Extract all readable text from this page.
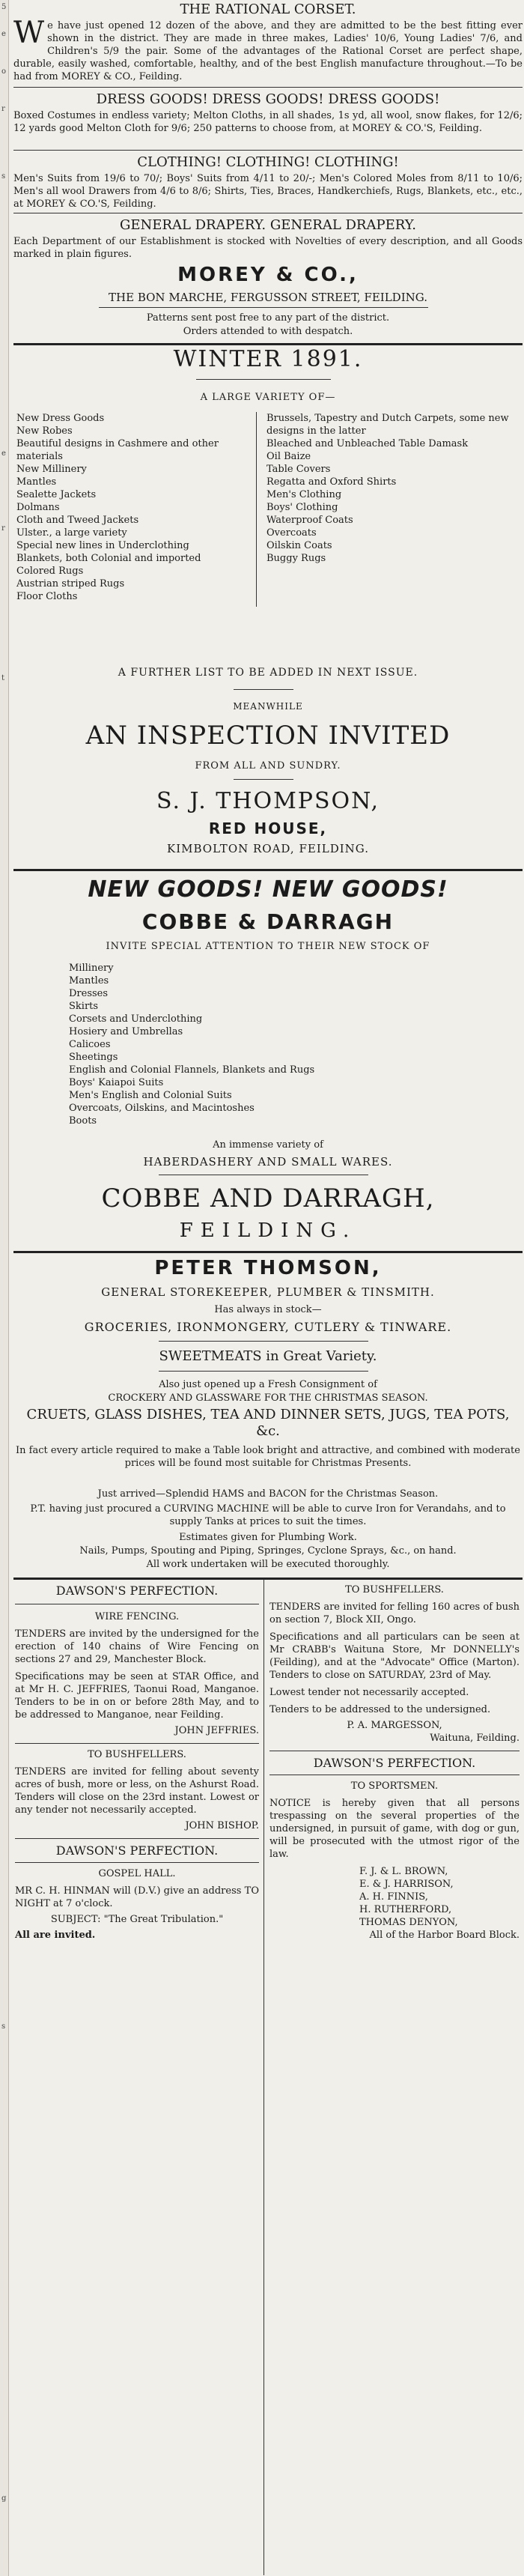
5
e
o
r
s
e
r
t
s
g
THE RATIONAL CORSET.
We have just opened 12 dozen of the above, and they are admitted to be the best fitting ever shown in the district. They are made in three makes, Ladies' 10/6, Young Ladies' 7/6, and Children's 5/9 the pair. Some of the advantages of the Rational Corset are perfect shape, durable, easily washed, comfortable, healthy, and of the best English manufacture throughout.—To be had from MOREY & CO., Feilding.
DRESS GOODS! DRESS GOODS! DRESS GOODS!
Boxed Costumes in endless variety; Melton Cloths, in all shades, 1s yd, all wool, snow flakes, for 12/6; 12 yards good Melton Cloth for 9/6; 250 patterns to choose from, at MOREY & CO.'S, Feilding.
CLOTHING! CLOTHING! CLOTHING!
Men's Suits from 19/6 to 70/; Boys' Suits from 4/11 to 20/-; Men's Colored Moles from 8/11 to 10/6; Men's all wool Drawers from 4/6 to 8/6; Shirts, Ties, Braces, Handkerchiefs, Rugs, Blankets, etc., etc., at MOREY & CO.'S, Feilding.
GENERAL DRAPERY. GENERAL DRAPERY.
Each Department of our Establishment is stocked with Novelties of every description, and all Goods marked in plain figures.
MOREY & CO.,
THE BON MARCHE, FERGUSSON STREET, FEILDING.
Patterns sent post free to any part of the district.
Orders attended to with despatch.
WINTER 1891.
A LARGE VARIETY OF—
New Dress Goods
New Robes
Beautiful designs in Cashmere and other materials
New Millinery
Mantles
Sealette Jackets
Dolmans
Cloth and Tweed Jackets
Ulster., a large variety
Special new lines in Underclothing
Blankets, both Colonial and imported
Colored Rugs
Austrian striped Rugs
Floor Cloths
Brussels, Tapestry and Dutch Carpets, some new designs in the latter
Bleached and Unbleached Table Damask
Oil Baize
Table Covers
Regatta and Oxford Shirts
Men's Clothing
Boys' Clothing
Waterproof Coats
Overcoats
Oilskin Coats
Buggy Rugs
A FURTHER LIST TO BE ADDED IN NEXT ISSUE.
MEANWHILE
AN INSPECTION INVITED
FROM ALL AND SUNDRY.
S. J. THOMPSON,
RED HOUSE,
KIMBOLTON ROAD, FEILDING.
NEW GOODS! NEW GOODS!
COBBE & DARRAGH
INVITE SPECIAL ATTENTION TO THEIR NEW STOCK OF
Millinery
Mantles
Dresses
Skirts
Corsets and Underclothing
Hosiery and Umbrellas
Calicoes
Sheetings
English and Colonial Flannels, Blankets and Rugs
Boys' Kaiapoi Suits
Men's English and Colonial Suits
Overcoats, Oilskins, and Macintoshes
Boots
An immense variety of
HABERDASHERY AND SMALL WARES.
COBBE AND DARRAGH,
FEILDING.
PETER THOMSON,
GENERAL STOREKEEPER, PLUMBER & TINSMITH.
Has always in stock—
GROCERIES, IRONMONGERY, CUTLERY & TINWARE.
SWEETMEATS in Great Variety.
Also just opened up a Fresh Consignment of
CROCKERY AND GLASSWARE FOR THE CHRISTMAS SEASON.
CRUETS, GLASS DISHES, TEA AND DINNER SETS, JUGS, TEA POTS, &c.
In fact every article required to make a Table look bright and attractive, and combined with moderate prices will be found most suitable for Christmas Presents.
Just arrived—Splendid HAMS and BACON for the Christmas Season.
P.T. having just procured a CURVING MACHINE will be able to curve Iron for Verandahs, and to supply Tanks at prices to suit the times.
Estimates given for Plumbing Work.
Nails, Pumps, Spouting and Piping, Springes, Cyclone Sprays, &c., on hand.
All work undertaken will be executed thoroughly.
DAWSON'S PERFECTION.
WIRE FENCING.
TENDERS are invited by the undersigned for the erection of 140 chains of Wire Fencing on sections 27 and 29, Manchester Block.
Specifications may be seen at STAR Office, and at Mr H. C. JEFFRIES, Taonui Road, Manganoe. Tenders to be in on or before 28th May, and to be addressed to Manganoe, near Feilding.
JOHN JEFFRIES.
TO BUSHFELLERS.
TENDERS are invited for felling about seventy acres of bush, more or less, on the Ashurst Road. Tenders will close on the 23rd instant. Lowest or any tender not necessarily accepted.
JOHN BISHOP.
DAWSON'S PERFECTION.
GOSPEL HALL.
MR C. H. HINMAN will (D.V.) give an address TO NIGHT at 7 o'clock.
SUBJECT: "The Great Tribulation."
All are invited.
TO BUSHFELLERS.
TENDERS are invited for felling 160 acres of bush on section 7, Block XII, Ongo.
Specifications and all particulars can be seen at Mr CRABB's Waituna Store, Mr DONNELLY's (Feilding), and at the "Advocate" Office (Marton). Tenders to close on SATURDAY, 23rd of May.
Lowest tender not necessarily accepted.
Tenders to be addressed to the undersigned.
P. A. MARGESSON,
Waituna, Feilding.
DAWSON'S PERFECTION.
TO SPORTSMEN.
NOTICE is hereby given that all persons trespassing on the several properties of the undersigned, in pursuit of game, with dog or gun, will be prosecuted with the utmost rigor of the law.
F. J. & L. BROWN,
E. & J. HARRISON,
A. H. FINNIS,
H. RUTHERFORD,
THOMAS DENYON,
All of the Harbor Board Block.
